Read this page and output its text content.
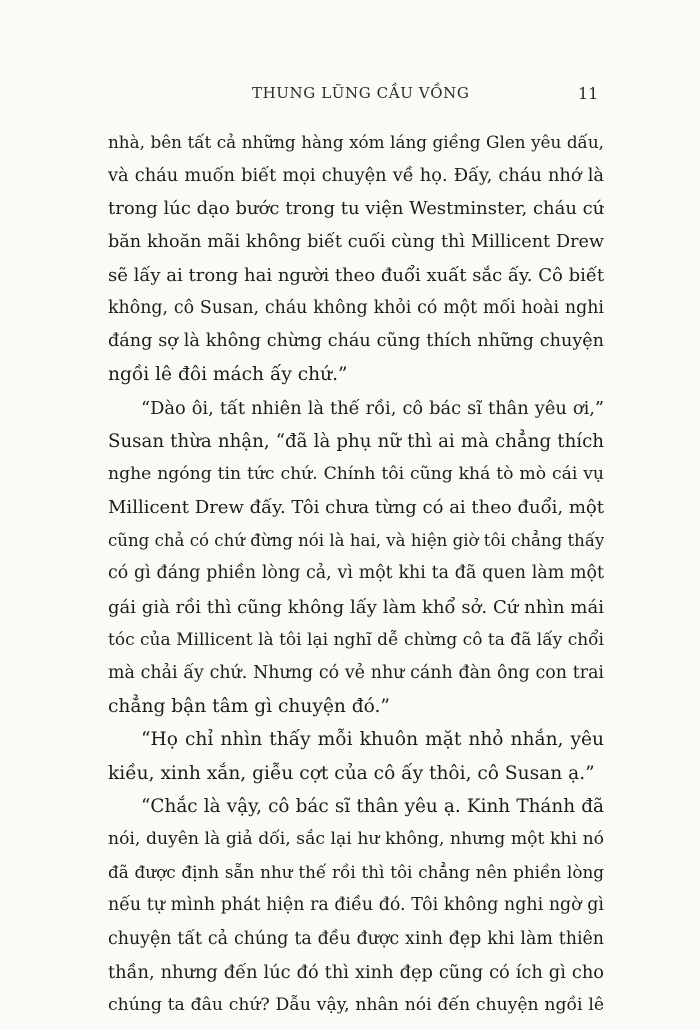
THUNG LŨNG CẦU VỒNG	11
nhà, bên tất cả những hàng xóm láng giềng Glen yêu dấu,
và cháu muốn biết mọi chuyện về họ. Đấy, cháu nhớ là
trong lúc dạo bước trong tu viện Westminster, cháu cứ
băn khoăn mãi không biết cuối cùng thì Millicent Drew
sẽ lấy ai trong hai người theo đuổi xuất sắc ấy. Cô biết
không, cô Susan, cháu không khỏi có một mối hoài nghi
đáng sợ là không chừng cháu cũng thích những chuyện
ngồi lê đôi mách ấy chứ.”
“Dào ôi, tất nhiên là thế rồi, cô bác sĩ thân yêu ơi,”
Susan thừa nhận, “đã là phụ nữ thì ai mà chẳng thích
nghe ngóng tin tức chứ. Chính tôi cũng khá tò mò cái vụ
Millicent Drew đấy. Tôi chưa từng có ai theo đuổi, một
cũng chả có chứ đừng nói là hai, và hiện giờ tôi chẳng thấy
có gì đáng phiền lòng cả, vì một khi ta đã quen làm một
gái già rồi thì cũng không lấy làm khổ sở. Cứ nhìn mái
tóc của Millicent là tôi lại nghĩ dễ chừng cô ta đã lấy chổi
mà chải ấy chứ. Nhưng có vẻ như cánh đàn ông con trai
chẳng bận tâm gì chuyện đó.”
“Họ chỉ nhìn thấy mỗi khuôn mặt nhỏ nhắn, yêu
kiều, xinh xắn, giễu cợt của cô ấy thôi, cô Susan ạ.”
“Chắc là vậy, cô bác sĩ thân yêu ạ. Kinh Thánh đã
nói, duyên là giả dối, sắc lại hư không, nhưng một khi nó
đã được định sẵn như thế rồi thì tôi chẳng nên phiền lòng
nếu tự mình phát hiện ra điều đó. Tôi không nghi ngờ gì
chuyện tất cả chúng ta đều được xinh đẹp khi làm thiên
thần, nhưng đến lúc đó thì xinh đẹp cũng có ích gì cho
chúng ta đâu chứ? Dẫu vậy, nhân nói đến chuyện ngồi lê
